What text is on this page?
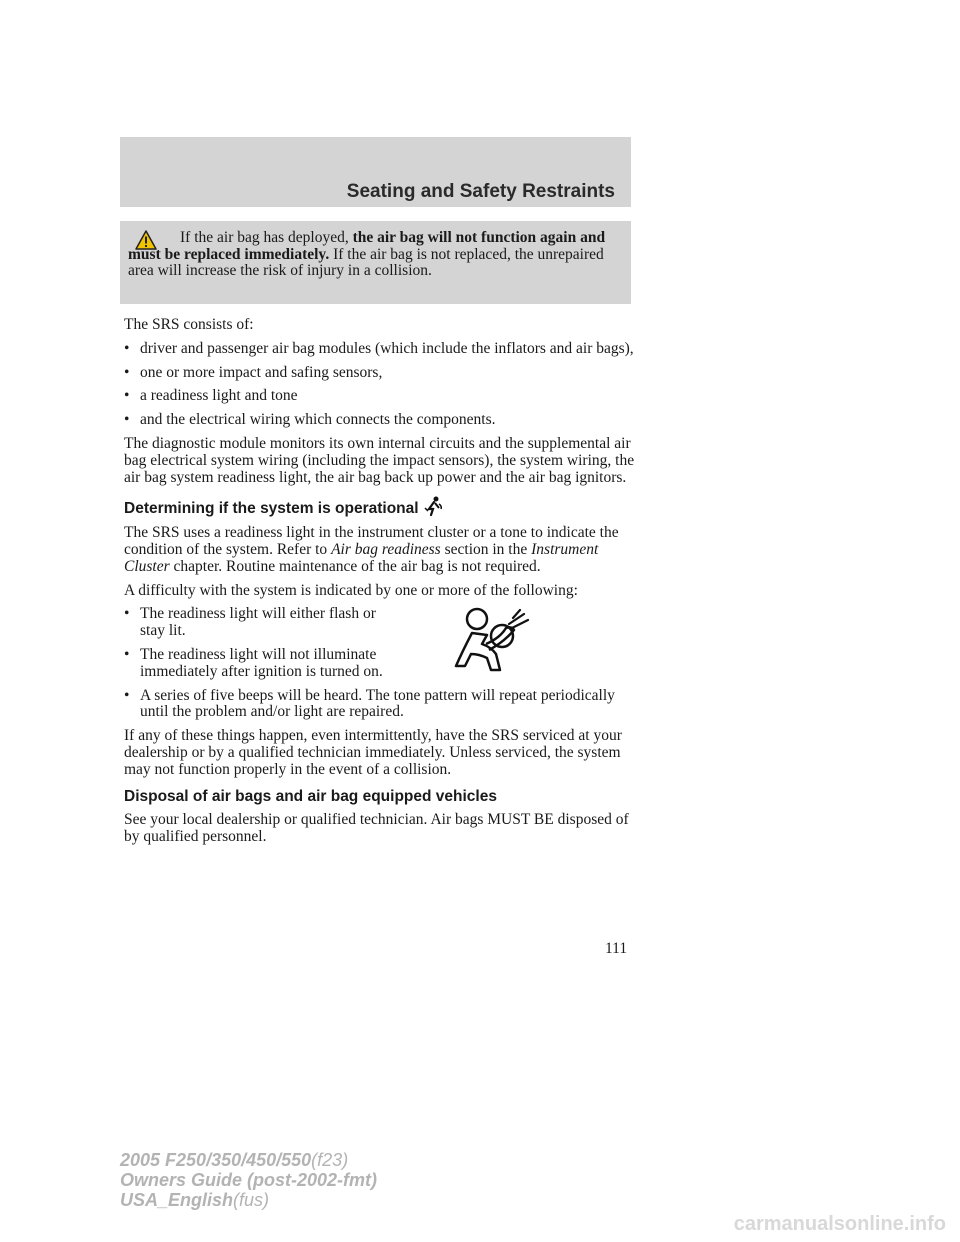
Seating and Safety Restraints

If the air bag has deployed, the air bag will not function again and must be replaced immediately. If the air bag is not replaced, the unrepaired area will increase the risk of injury in a collision.

The SRS consists of:

• driver and passenger air bag modules (which include the inflators and air bags),
• one or more impact and safing sensors,
• a readiness light and tone
• and the electrical wiring which connects the components.

The diagnostic module monitors its own internal circuits and the supplemental air bag electrical system wiring (including the impact sensors), the system wiring, the air bag system readiness light, the air bag back up power and the air bag ignitors.

Determining if the system is operational

The SRS uses a readiness light in the instrument cluster or a tone to indicate the condition of the system. Refer to Air bag readiness section in the Instrument Cluster chapter. Routine maintenance of the air bag is not required.

A difficulty with the system is indicated by one or more of the following:

• The readiness light will either flash or stay lit.
• The readiness light will not illuminate immediately after ignition is turned on.
• A series of five beeps will be heard. The tone pattern will repeat periodically until the problem and/or light are repaired.

If any of these things happen, even intermittently, have the SRS serviced at your dealership or by a qualified technician immediately. Unless serviced, the system may not function properly in the event of a collision.

Disposal of air bags and air bag equipped vehicles

See your local dealership or qualified technician. Air bags MUST BE disposed of by qualified personnel.

111
2005 F250/350/450/550(f23)
Owners Guide (post-2002-fmt)
USA_English(fus)
carmanualsonline.info
